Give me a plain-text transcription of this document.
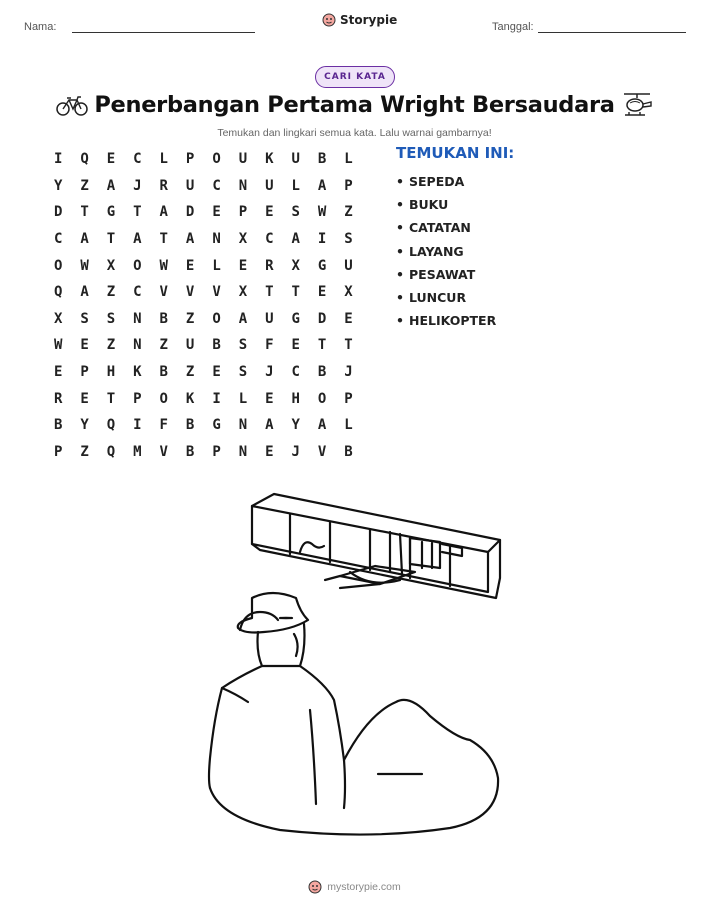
Nama:	Storypie	Tanggal:
CARI KATA
Penerbangan Pertama Wright Bersaudara
Temukan dan lingkari semua kata. Lalu warnai gambarnya!
I	Q	E	C	L	P	O	U	K	U	B	L
Y	Z	A	J	R	U	C	N	U	L	A	P
D	T	G	T	A	D	E	P	E	S	W	Z
C	A	T	A	T	A	N	X	C	A	I	S
O	W	X	O	W	E	L	E	R	X	G	U
Q	A	Z	C	V	V	V	X	T	T	E	X
X	S	S	N	B	Z	O	A	U	G	D	E
W	E	Z	N	Z	U	B	S	F	E	T	T
E	P	H	K	B	Z	E	S	J	C	B	J
R	E	T	P	O	K	I	L	E	H	O	P
B	Y	Q	I	F	B	G	N	A	Y	A	L
P	Z	Q	M	V	B	P	N	E	J	V	B
TEMUKAN INI:
• SEPEDA
• BUKU
• CATATAN
• LAYANG
• PESAWAT
• LUNCUR
• HELIKOPTER
mystorypie.com
